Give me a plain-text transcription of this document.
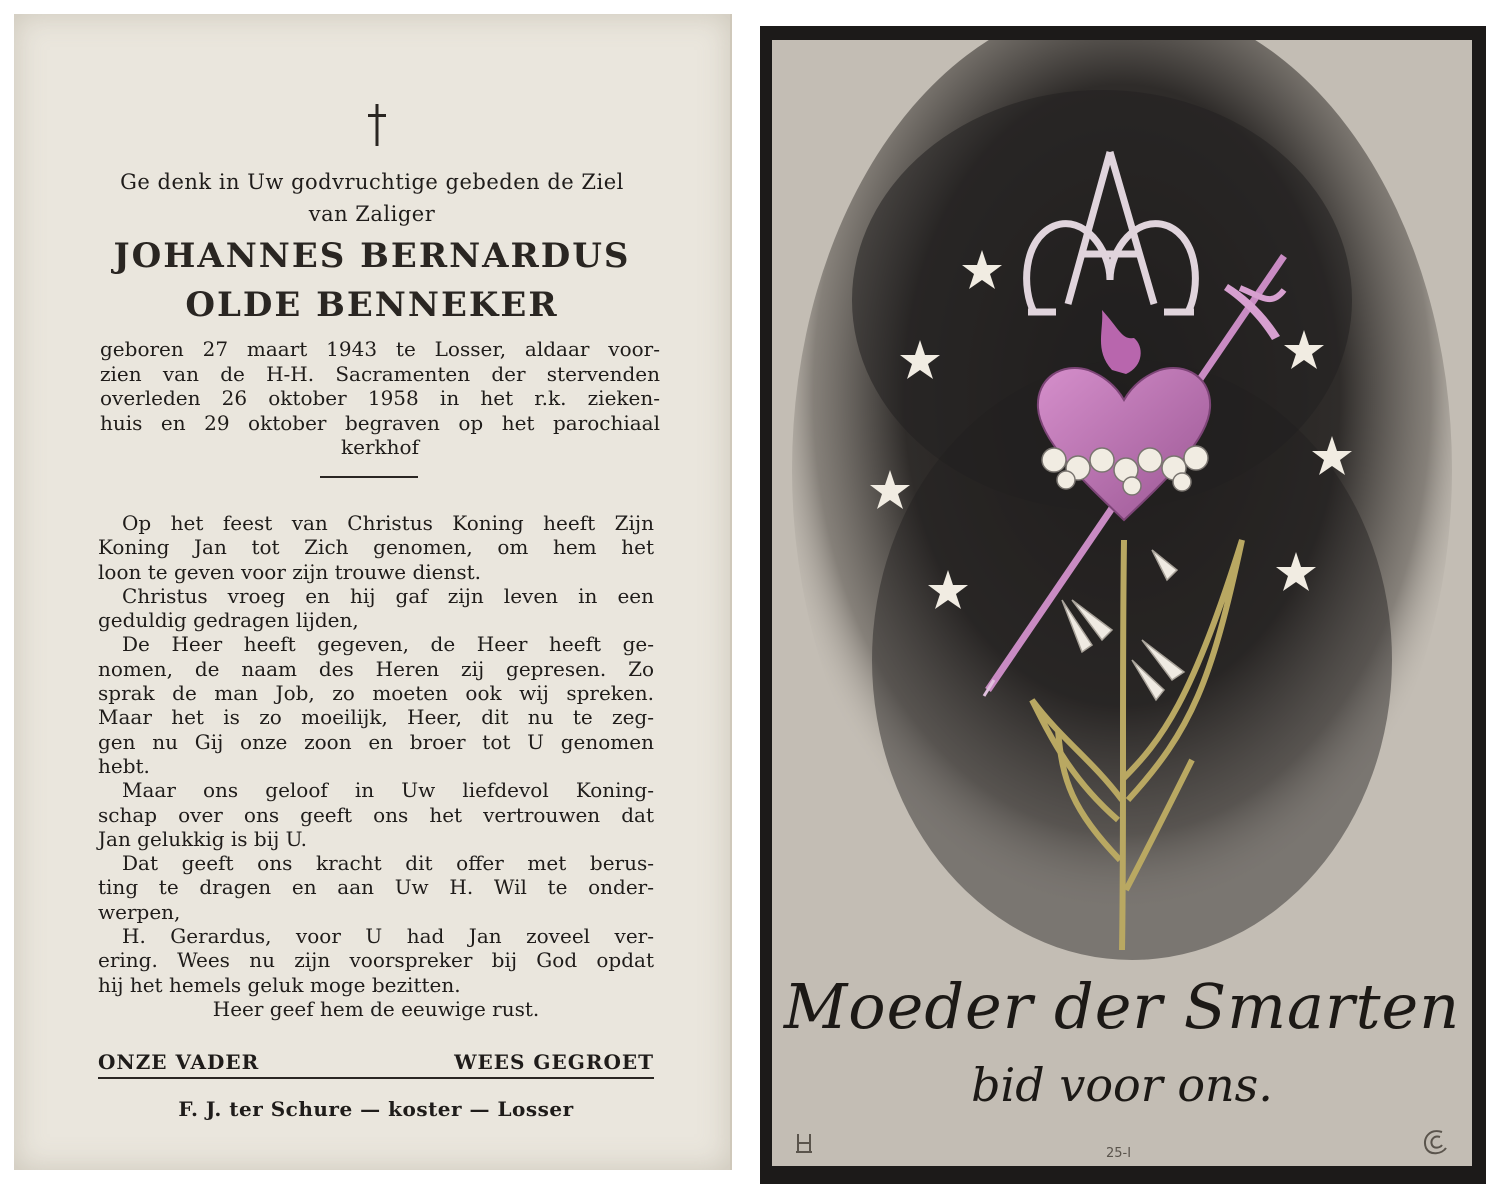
Ge denk in Uw godvruchtige gebeden de Ziel
van Zaliger
JOHANNES BERNARDUS
OLDE BENNEKER
geboren 27 maart 1943 te Losser, aldaar voor-
zien van de H-H. Sacramenten der stervenden
overleden 26 oktober 1958 in het r.k. zieken-
huis en 29 oktober begraven op het parochiaal
kerkhof
Op het feest van Christus Koning heeft Zijn
Koning Jan tot Zich genomen, om hem het
loon te geven voor zijn trouwe dienst.
Christus vroeg en hij gaf zijn leven in een
geduldig gedragen lijden,
De Heer heeft gegeven, de Heer heeft ge-
nomen, de naam des Heren zij gepresen. Zo
sprak de man Job, zo moeten ook wij spreken.
Maar het is zo moeilijk, Heer, dit nu te zeg-
gen nu Gij onze zoon en broer tot U genomen
hebt.
Maar ons geloof in Uw liefdevol Koning-
schap over ons geeft ons het vertrouwen dat
Jan gelukkig is bij U.
Dat geeft ons kracht dit offer met berus-
ting te dragen en aan Uw H. Wil te onder-
werpen,
H. Gerardus, voor U had Jan zoveel ver-
ering. Wees nu zijn voorspreker bij God opdat
hij het hemels geluk moge bezitten.
Heer geef hem de eeuwige rust.
ONZE VADER	WEES GEGROET
F. J. ter Schure — koster — Losser
Moeder der Smarten
bid voor ons.
25-I
